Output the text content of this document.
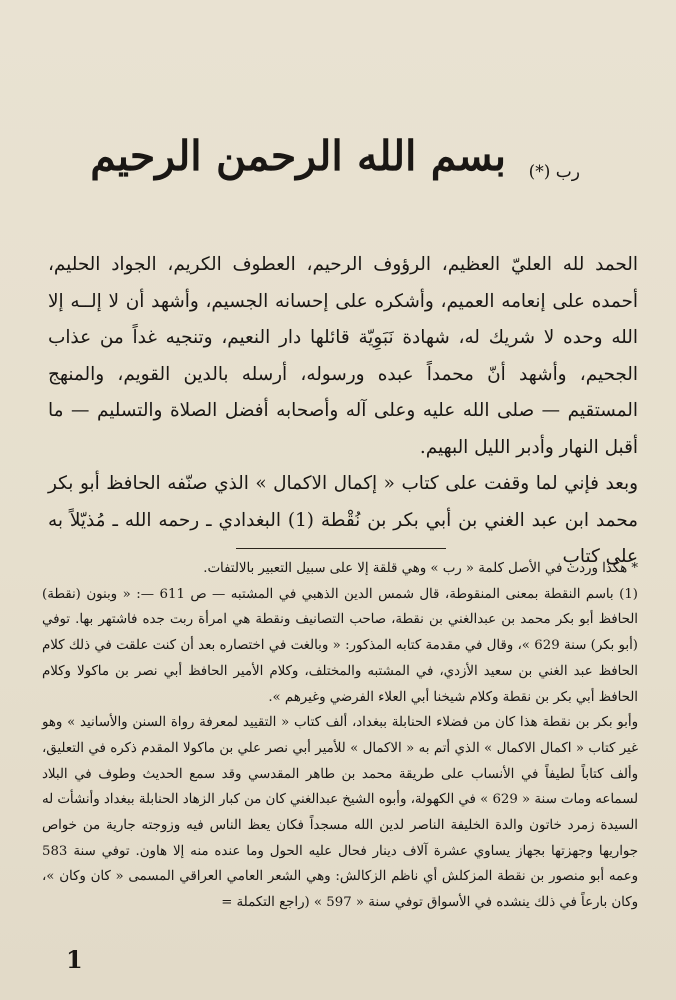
بسم الله الرحمن الرحيم رب (*)

الحمد لله العليّ العظيم، الرؤوف الرحيم، العطوف الكريم، الجواد الحليم، أحمده على إنعامه العميم، وأشكره على إحسانه الجسيم، وأشهد أن لا إلــه إلا الله وحده لا شريك له، شهادة نَبَوِيّة قائلها دار النعيم، وتنجيه غداً من عذاب الجحيم، وأشهد أنّ محمداً عبده ورسوله، أرسله بالدين القويم، والمنهج المستقيم — صلى الله عليه وعلى آله وأصحابه أفضل الصلاة والتسليم — ما أقبل النهار وأدبر الليل البهيم.

وبعد فإني لما وقفت على كتاب « إكمال الاكمال » الذي صنّفه الحافظ أبو بكر محمد ابن عبد الغني بن أبي بكر بن نُقْطة (1) البغدادي ـ رحمه الله ـ مُذيّلاً به على كتاب

* هكذا وردت في الأصل كلمة « رب » وهي قلقة إلا على سبيل التعبير بالالتفات.

(1) باسم النقطة بمعنى المنقوطة، قال شمس الدين الذهبي في المشتبه — ص 611 —: « وبنون (نقطة) الحافظ أبو بكر محمد بن عبدالغني بن نقطة، صاحب التصانيف ونقطة هي امرأة ربت جده فاشتهر بها. توفي (أبو بكر) سنة 629 »، وقال في مقدمة كتابه المذكور: « وبالغت في اختصاره بعد أن كنت علقت في ذلك كلام الحافظ عبد الغني بن سعيد الأزدي، في المشتبه والمختلف، وكلام الأمير الحافظ أبي نصر بن ماكولا وكلام الحافظ أبي بكر بن نقطة وكلام شيخنا أبي العلاء الفرضي وغيرهم ».

وأبو بكر بن نقطة هذا كان من فضلاء الحنابلة ببغداد، ألف كتاب « التقييد لمعرفة رواة السنن والأسانيد » وهو غير كتاب « اكمال الاكمال » الذي أتم به « الاكمال » للأمير أبي نصر علي بن ماكولا المقدم ذكره في التعليق، وألف كتاباً لطيفاً في الأنساب على طريقة محمد بن طاهر المقدسي وقد سمع الحديث وطوف في البلاد لسماعه ومات سنة « 629 » في الكهولة، وأبوه الشيخ عبدالغني كان من كبار الزهاد الحنابلة ببغداد وأنشأت له السيدة زمرد خاتون والدة الخليفة الناصر لدين الله مسجداً فكان يعظ الناس فيه وزوجته جارية من خواص جواريها وجهزتها بجهاز يساوي عشرة آلاف دينار فحال عليه الحول وما عنده منه إلا هاون. توفي سنة 583 وعمه أبو منصور بن نقطة المزكلش أي ناظم الزكالش: وهي الشعر العامي العراقي المسمى « كان وكان »، وكان بارعاً في ذلك ينشده في الأسواق توفي سنة « 597 » (راجع التكملة =

1
